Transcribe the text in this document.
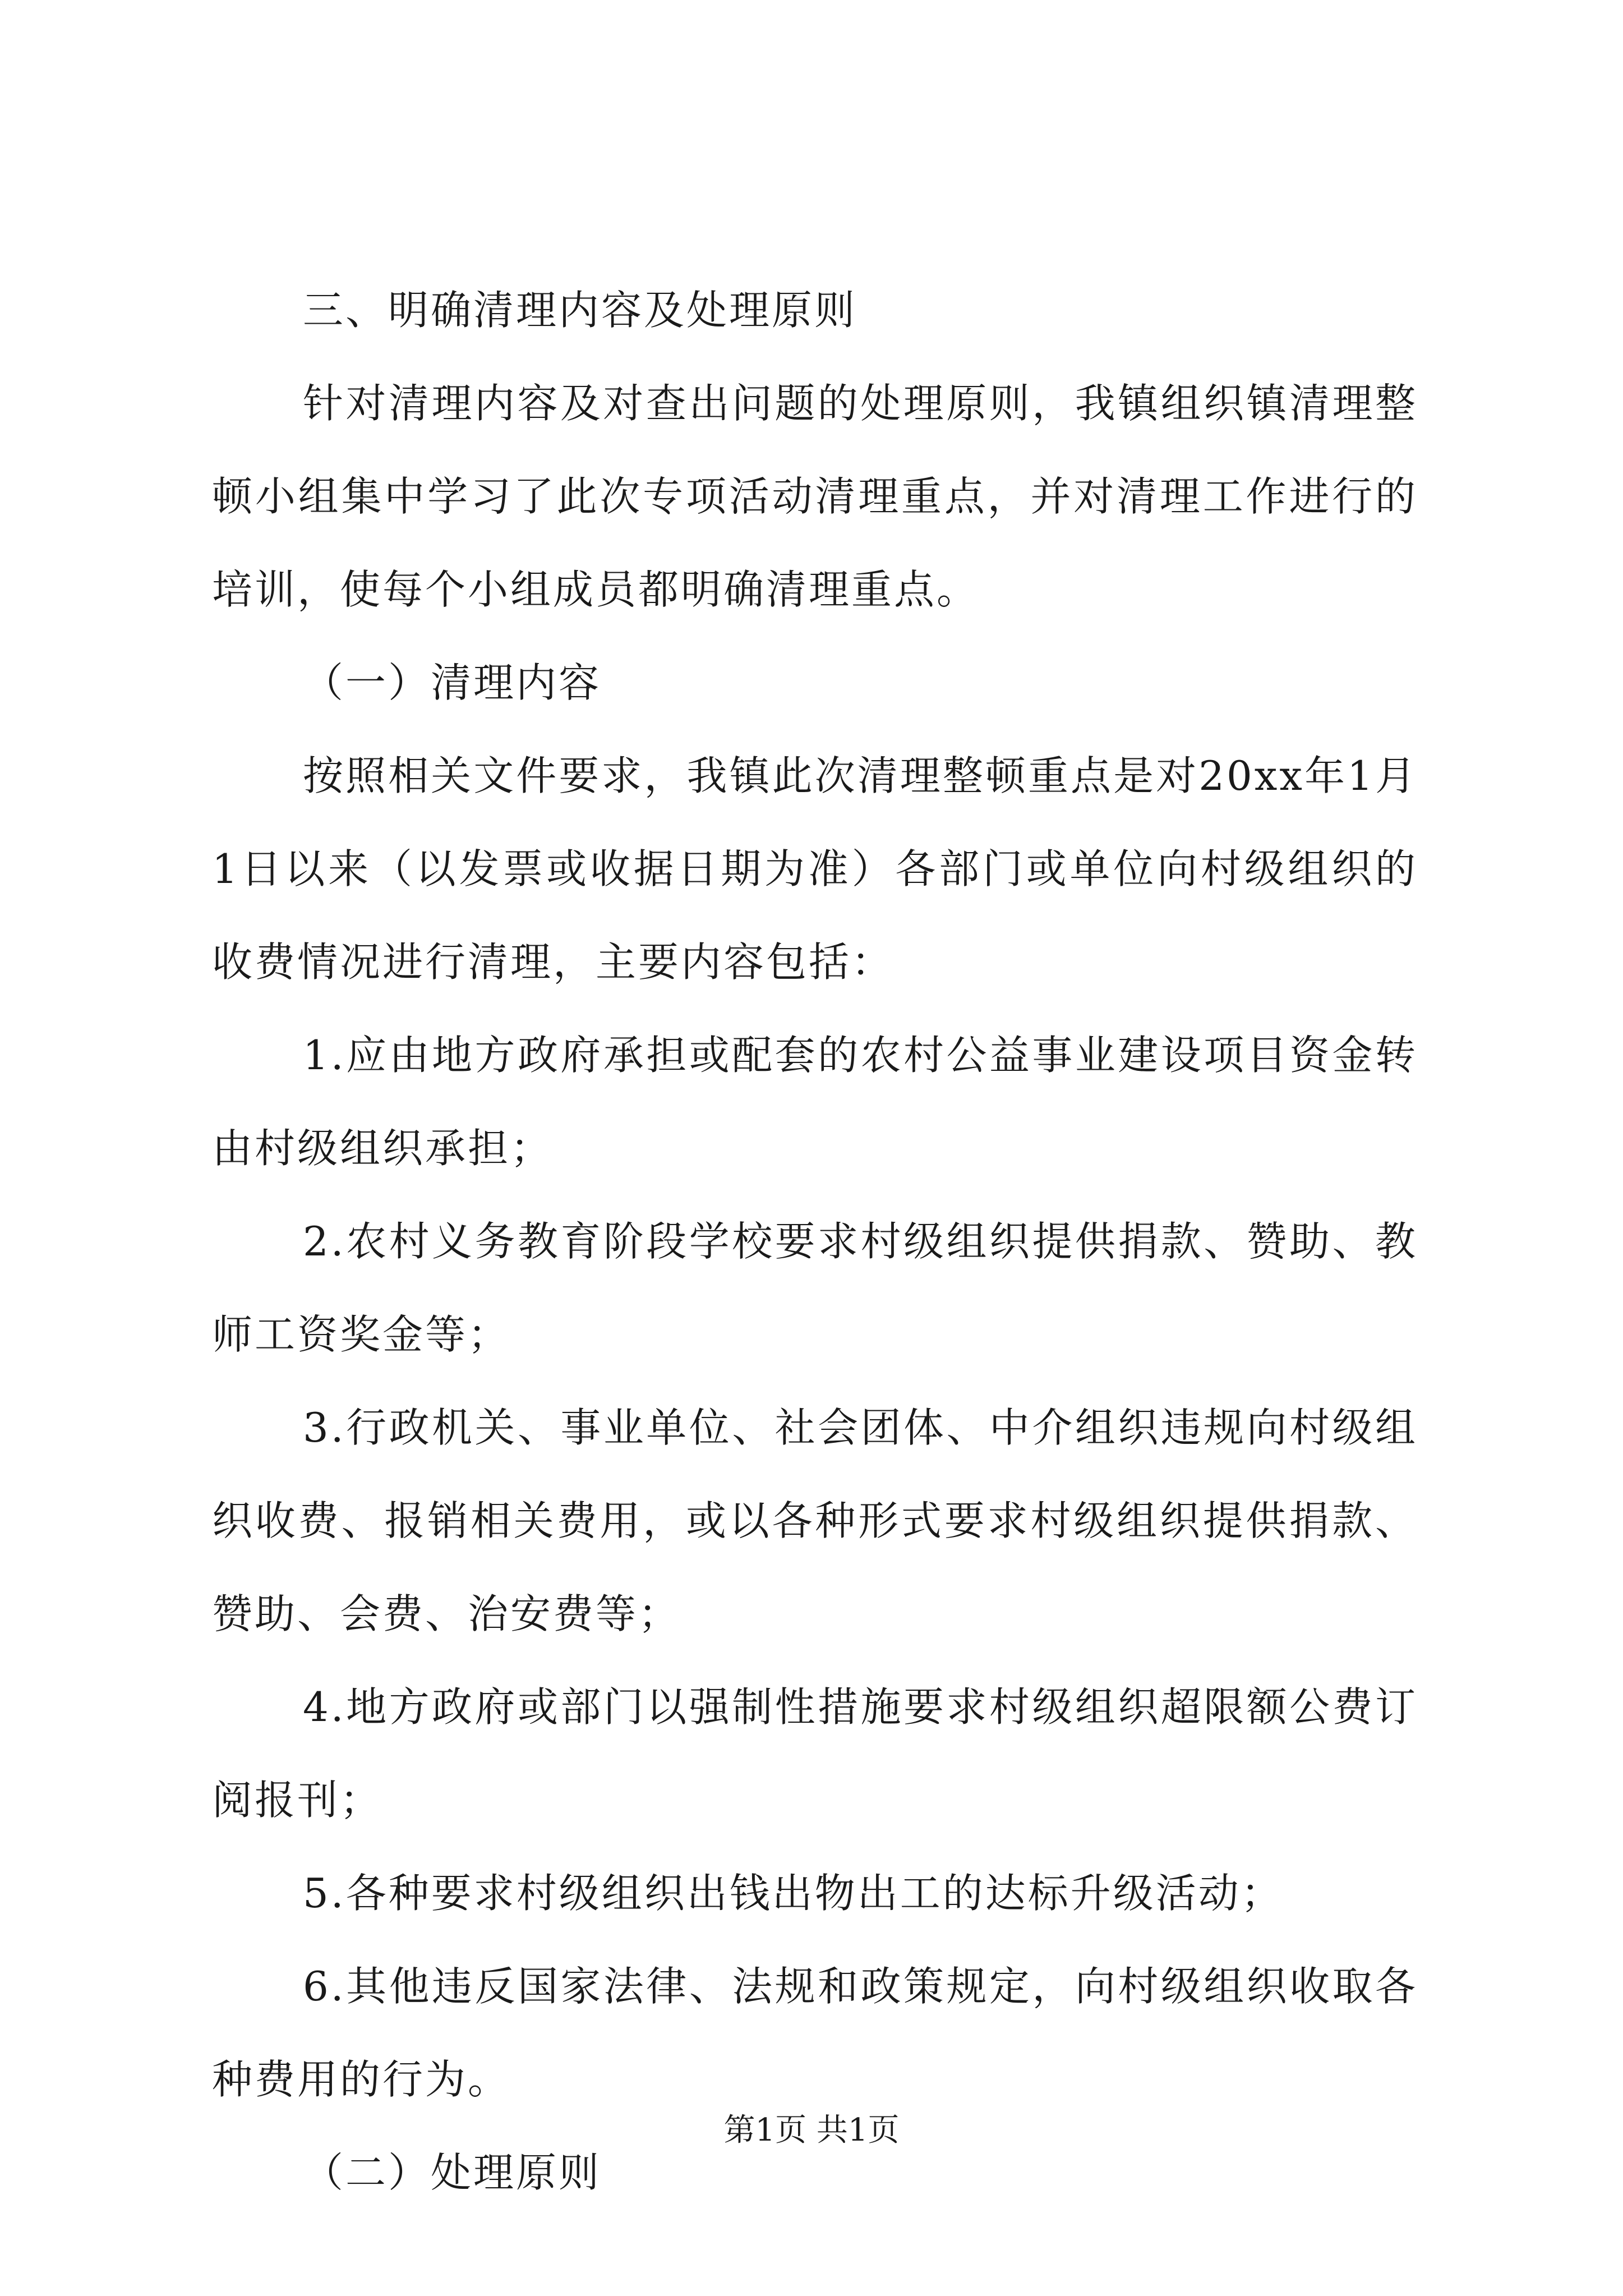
三、明确清理内容及处理原则

针对清理内容及对查出问题的处理原则，我镇组织镇清理整顿小组集中学习了此次专项活动清理重点，并对清理工作进行的培训，使每个小组成员都明确清理重点。

（一）清理内容

按照相关文件要求，我镇此次清理整顿重点是对20xx年1月1日以来（以发票或收据日期为准）各部门或单位向村级组织的收费情况进行清理，主要内容包括：

1.应由地方政府承担或配套的农村公益事业建设项目资金转由村级组织承担；

2.农村义务教育阶段学校要求村级组织提供捐款、赞助、教师工资奖金等；

3.行政机关、事业单位、社会团体、中介组织违规向村级组织收费、报销相关费用，或以各种形式要求村级组织提供捐款、赞助、会费、治安费等；

4.地方政府或部门以强制性措施要求村级组织超限额公费订阅报刊；

5.各种要求村级组织出钱出物出工的达标升级活动；

6.其他违反国家法律、法规和政策规定，向村级组织收取各种费用的行为。

（二）处理原则

第1页 共1页
